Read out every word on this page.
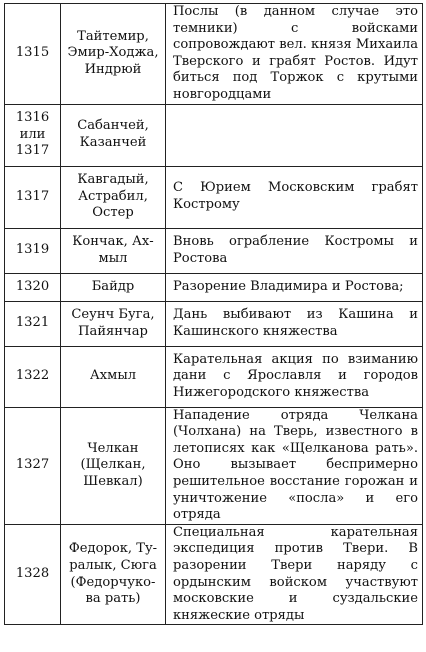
1315	Тайтемир,
Эмир-Ходжа,
Индрюй	Послы (в данном случае это темники) с войсками сопровождают вел. князя Михаила Тверского и грабят Ростов. Идут биться под Торжок с крутыми новгородцами

1316
или
1317	Сабанчей,
Казанчей	

1317	Кавгадый,
Астрабил,
Остер	С Юрием Московским грабят Кострому

1319	Кончак, Ах-
мыл	Вновь ограбление Костромы и Ростова

1320	Байдр	Разорение Владимира и Ростова;

1321	Сеунч Буга,
Пайянчар	Дань выбивают из Кашина и Кашинского княжества

1322	Ахмыл	Карательная акция по взиманию дани с Ярославля и городов Нижегородского княжества

1327	Челкан
(Щелкан,
Шевкал)	Нападение отряда Челкана (Чолхана) на Тверь, известного в летописях как «Щелканова рать». Оно вызывает беспримерно решительное восстание горожан и уничтожение «посла» и его отряда

1328	Федорок, Ту-
ралык, Сюга
(Федорчуко-
ва рать)	Специальная карательная экспедиция против Твери. В разорении Твери наряду с ордынским войском участвуют московские и суздальские княжеские отряды
